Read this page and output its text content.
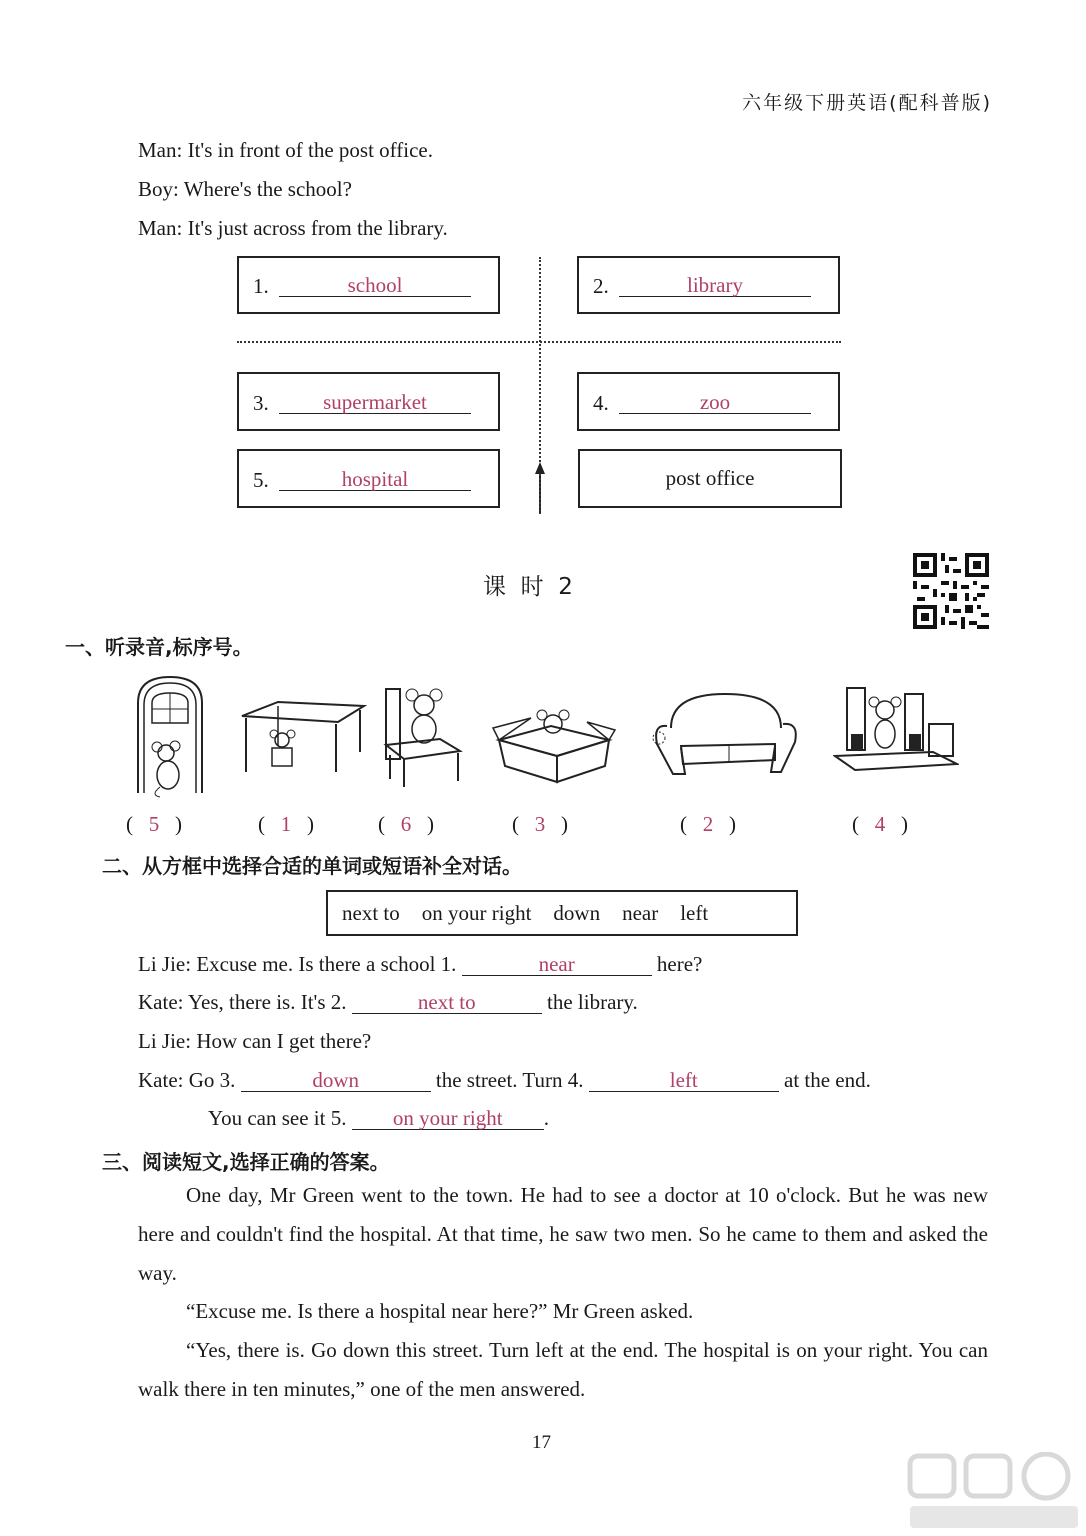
六年级下册英语(配科普版)
Man: It's in front of the post office.
Boy: Where's the school?
Man: It's just across from the library.
1.	school	2.	library
3.	supermarket	4.	zoo
5.	hospital	post office
课  时  2
一、听录音,标序号。
(   5   )	(   1   )	(   6   )	(   3   )	(   2   )	(   4   )
二、从方框中选择合适的单词或短语补全对话。
next to on your right down near left
Li Jie: Excuse me. Is there a school 1.	near	here?
Kate: Yes, there is. It's 2.	next to	the library.
Li Jie: How can I get there?
Kate: Go 3.	down	the street. Turn 4.	left	at the end.
You can see it 5. on your right .
三、阅读短文,选择正确的答案。
One day, Mr Green went to the town. He had to see a doctor at 10 o'clock. But he was new here and couldn't find the hospital. At that time, he saw two men. So he came to them and asked the way.
“Excuse me. Is there a hospital near here?” Mr Green asked.
“Yes, there is. Go down this street. Turn left at the end. The hospital is on your right. You can walk there in ten minutes,” one of the men answered.
17
